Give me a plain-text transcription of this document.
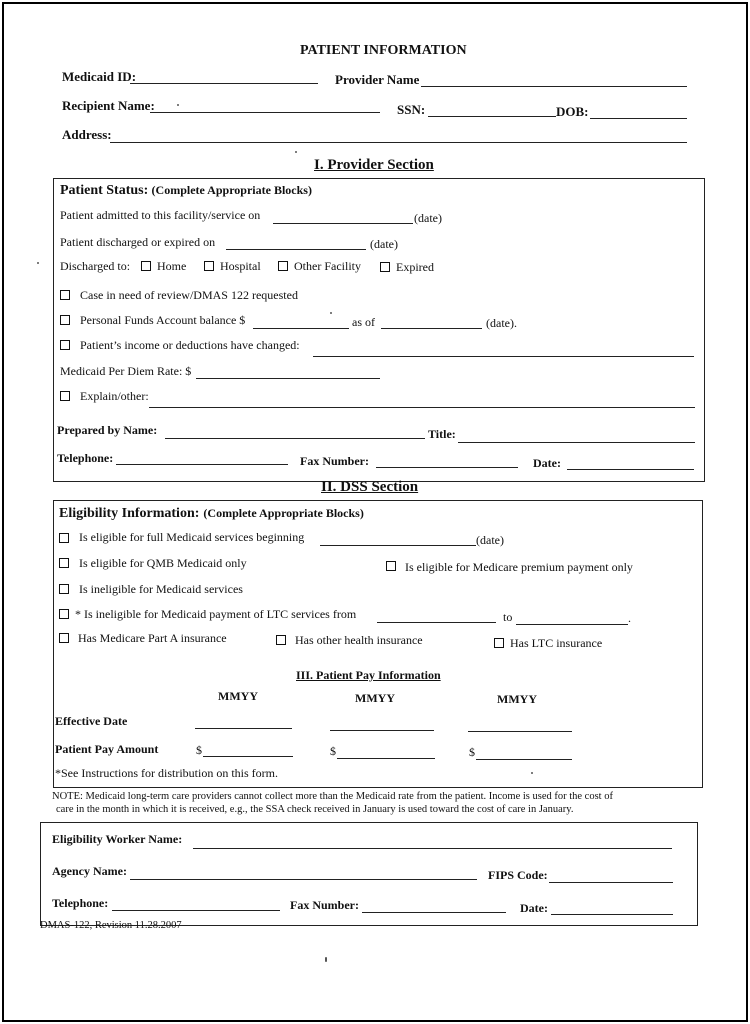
PATIENT INFORMATION
Medicaid ID:	Provider Name
Recipient Name:	SSN:	DOB:
Address:
I. Provider Section
Patient Status: (Complete Appropriate Blocks)
Patient admitted to this facility/service on	(date)
Patient discharged or expired on	(date)
Discharged to: Home	Hospital	Other Facility	Expired
Case in need of review/DMAS 122 requested
Personal Funds Account balance $	as of	(date).
Patient’s income or deductions have changed:
Medicaid Per Diem Rate: $
Explain/other:
Prepared by Name:	Title:
Telephone:	Fax Number:	Date:
II. DSS Section
Eligibility Information: (Complete Appropriate Blocks)
Is eligible for full Medicaid services beginning	(date)
Is eligible for QMB Medicaid only	Is eligible for Medicare premium payment only
Is ineligible for Medicaid services
* Is ineligible for Medicaid payment of LTC services from	to	.
Has Medicare Part A insurance	Has other health insurance	Has LTC insurance
III. Patient Pay Information
MMYY	MMYY	MMYY
Effective Date
Patient Pay Amount	$	$	$
*See Instructions for distribution on this form.
NOTE: Medicaid long-term care providers cannot collect more than the Medicaid rate from the patient. Income is used for the cost of
care in the month in which it is received, e.g., the SSA check received in January is used toward the cost of care in January.
Eligibility Worker Name:
Agency Name:	FIPS Code:
Telephone:	Fax Number:	Date:
DMAS-122, Revision 11.28.2007
